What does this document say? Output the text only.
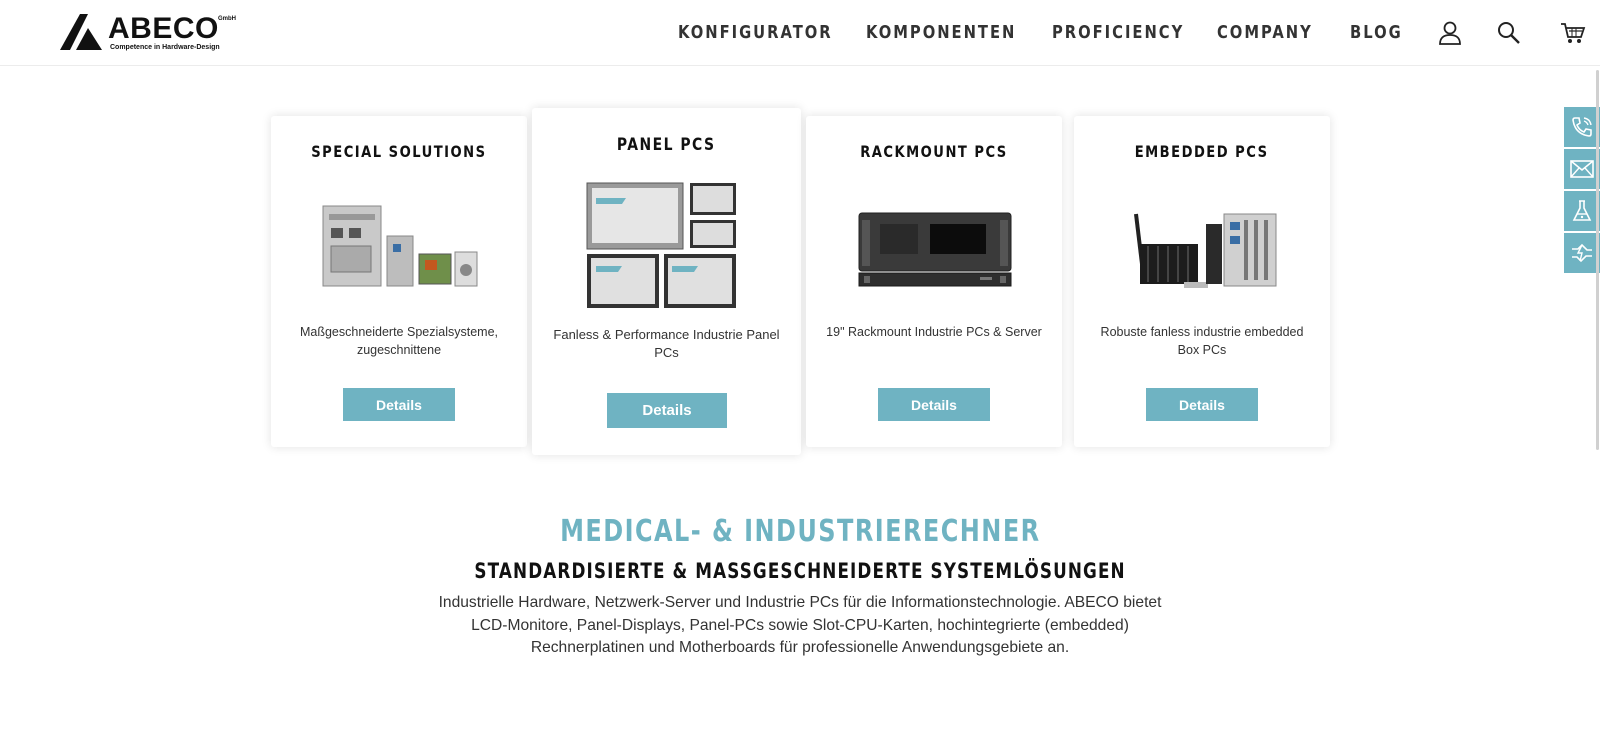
ABECO GmbH
Competence in Hardware-Design
KONFIGURATOR KOMPONENTEN PROFICIENCY COMPANY BLOG
SPECIAL SOLUTIONS
Maßgeschneiderte Spezialsysteme, zugeschnittene
Details
PANEL PCS
Fanless & Performance Industrie Panel PCs
Details
RACKMOUNT PCS
19" Rackmount Industrie PCs & Server
Details
EMBEDDED PCS
Robuste fanless industrie embedded Box PCs
Details
MEDICAL- & INDUSTRIERECHNER
STANDARDISIERTE & MASSGESCHNEIDERTE SYSTEMLÖSUNGEN
Industrielle Hardware, Netzwerk-Server und Industrie PCs für die Informationstechnologie. ABECO bietet LCD-Monitore, Panel-Displays, Panel-PCs sowie Slot-CPU-Karten, hochintegrierte (embedded) Rechnerplatinen und Motherboards für professionelle Anwendungsgebiete an.
